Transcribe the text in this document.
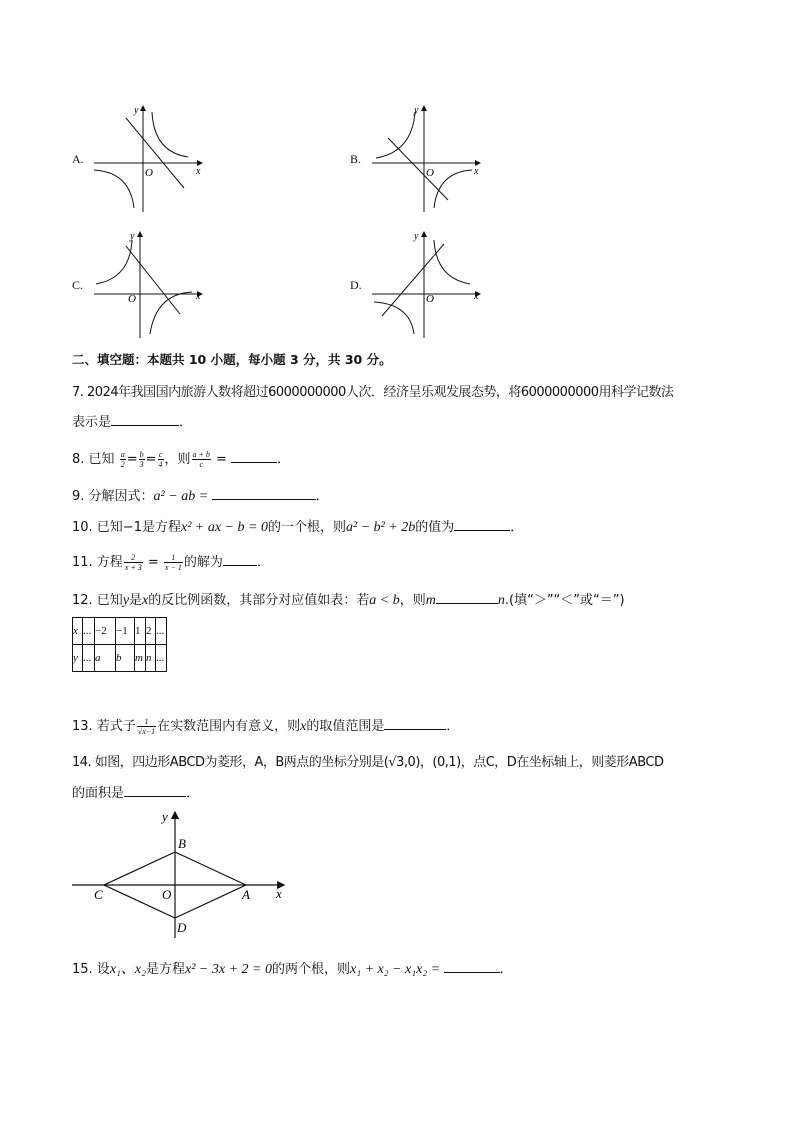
A.
y
x
O
B.
y
x
O
C.
y
x
O
D.
y
x
O
二、填空题：本题共 10 小题，每小题 3 分，共 30 分。
7. 2024年我国国内旅游人数将超过6000000000人次．经济呈乐观发展态势，将6000000000用科学记数法
表示是	．
8. 已知 $\frac{a}{2} = \frac{b}{3} = \frac{c}{4}$ ，则 $\frac{a + b}{c}$ =	．
9. 分解因式：a² − ab =	．
10. 已知−1是方程x² + ax − b = 0的一个根，则a² − b² + 2b的值为	．
11. 方程 $\frac{2}{x + 3} = \frac{1}{x - 1}$ 的解为	．
12. 已知y是x的反比例函数，其部分对应值如表：若a < b，则m	n.(填“＞”“＜”或“＝”)
x	...	−2	−1	1	2	...
y	...	a	b	m	n	...
13. 若式子 $\frac{1}{√x-1}$ 在实数范围内有意义，则x的取值范围是	．
14. 如图，四边形ABCD为菱形，A，B两点的坐标分别是(√3,0)，(0,1)，点C，D在坐标轴上，则菱形ABCD
的面积是	．
y
x
B
C	O	A
D
15. 设x₁、x₂是方程x² − 3x + 2 = 0的两个根，则x₁ + x₂ − x₁x₂ =	．
